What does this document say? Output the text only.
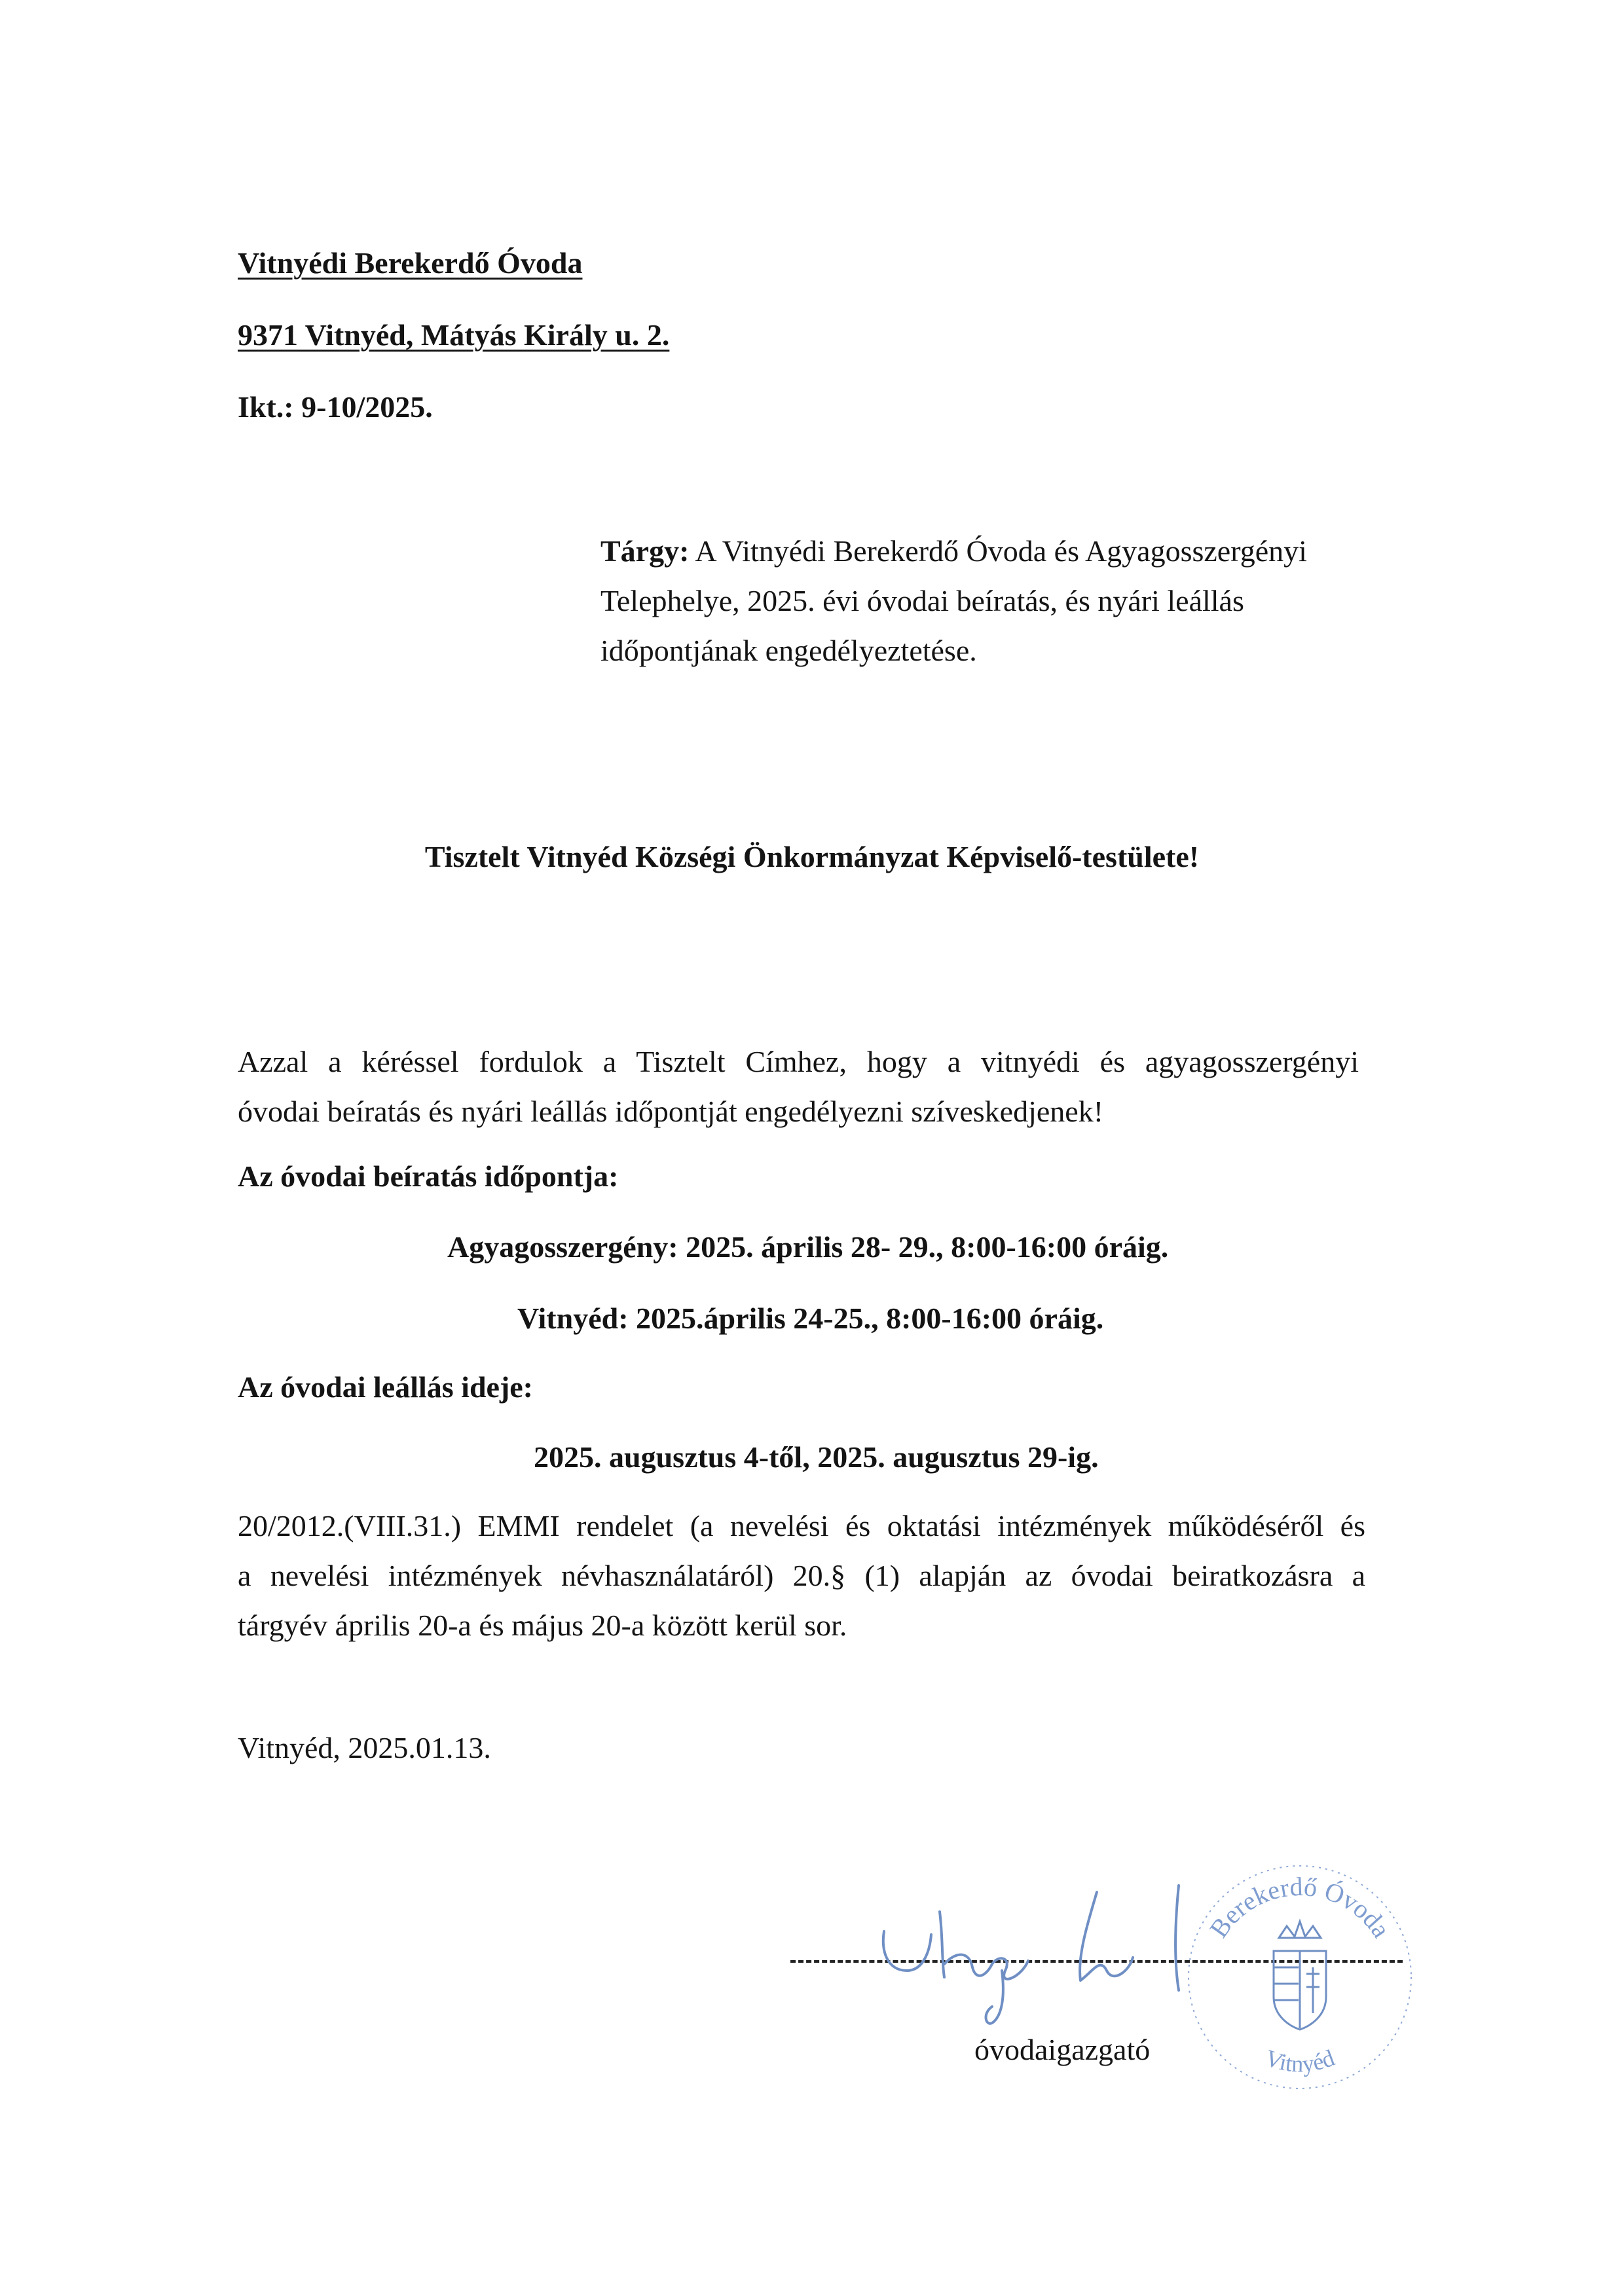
Vitnyédi Berekerdő Óvoda
9371 Vitnyéd, Mátyás Király u. 2.
Ikt.: 9-10/2025.
Tárgy: A Vitnyédi Berekerdő Óvoda és Agyagosszergényi
Telephelye, 2025. évi óvodai beíratás, és nyári leállás
időpontjának engedélyeztetése.
Tisztelt Vitnyéd Községi Önkormányzat Képviselő-testülete!
Azzal a kéréssel fordulok a Tisztelt Címhez, hogy a vitnyédi és agyagosszergényi
óvodai beíratás és nyári leállás időpontját engedélyezni szíveskedjenek!
Az óvodai beíratás időpontja:
Agyagosszergény: 2025. április 28- 29., 8:00-16:00 óráig.
Vitnyéd: 2025.április 24-25., 8:00-16:00 óráig.
Az óvodai leállás ideje:
2025. augusztus 4-től, 2025. augusztus 29-ig.
20/2012.(VIII.31.) EMMI rendelet (a nevelési és oktatási intézmények működéséről és
a nevelési intézmények névhasználatáról) 20.§ (1) alapján az óvodai beiratkozásra a
tárgyév április 20-a és május 20-a között kerül sor.
Vitnyéd, 2025.01.13.
Berekerdő Óvoda
Vitnyéd
óvodaigazgató
